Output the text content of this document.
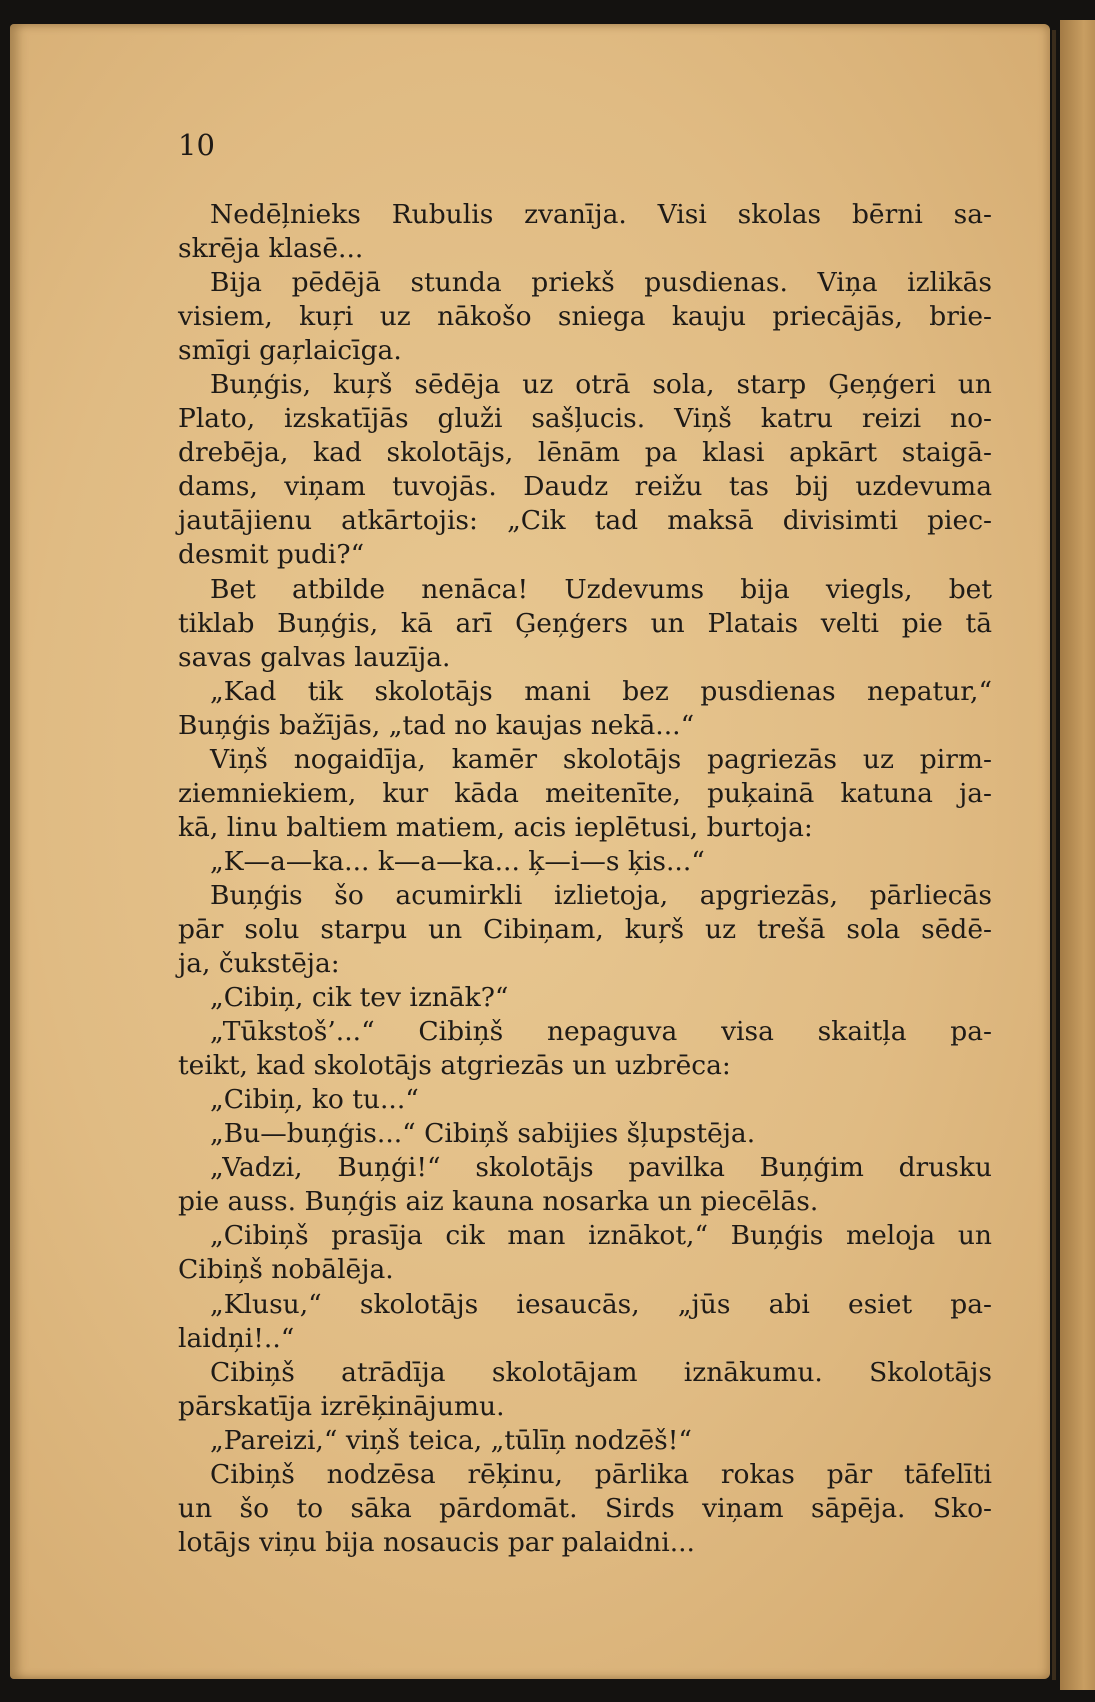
10
Nedēļnieks Rubulis zvanīja. Visi skolas bērni sa-
skrēja klasē...
Bija pēdējā stunda priekš pusdienas. Viņa izlikās
visiem, kuŗi uz nākošo sniega kauju priecājās, brie-
smīgi gaŗlaicīga.
Buņģis, kuŗš sēdēja uz otrā sola, starp Ģeņģeri un
Plato, izskatījās gluži sašļucis. Viņš katru reizi no-
drebēja, kad skolotājs, lēnām pa klasi apkārt staigā-
dams, viņam tuvojās. Daudz reižu tas bij uzdevuma
jautājienu atkārtojis: „Cik tad maksā divisimti piec-
desmit pudi?“
Bet atbilde nenāca! Uzdevums bija viegls, bet
tiklab Buņģis, kā arī Ģeņģers un Platais velti pie tā
savas galvas lauzīja.
„Kad tik skolotājs mani bez pusdienas nepatur,“
Buņģis bažījās, „tad no kaujas nekā...“
Viņš nogaidīja, kamēr skolotājs pagriezās uz pirm-
ziemniekiem, kur kāda meitenīte, puķainā katuna ja-
kā, linu baltiem matiem, acis ieplētusi, burtoja:
„K—a—ka... k—a—ka... ķ—i—s ķis...“
Buņģis šo acumirkli izlietoja, apgriezās, pārliecās
pār solu starpu un Cibiņam, kuŗš uz trešā sola sēdē-
ja, čukstēja:
„Cibiņ, cik tev iznāk?“
„Tūkstoš’...“ Cibiņš nepaguva visa skaitļa pa-
teikt, kad skolotājs atgriezās un uzbrēca:
„Cibiņ, ko tu...“
„Bu—buņģis...“ Cibiņš sabijies šļupstēja.
„Vadzi, Buņģi!“ skolotājs pavilka Buņģim drusku
pie auss. Buņģis aiz kauna nosarka un piecēlās.
„Cibiņš prasīja cik man iznākot,“ Buņģis meloja un
Cibiņš nobālēja.
„Klusu,“ skolotājs iesaucās, „jūs abi esiet pa-
laidņi!..“
Cibiņš atrādīja skolotājam iznākumu. Skolotājs
pārskatīja izrēķinājumu.
„Pareizi,“ viņš teica, „tūlīņ nodzēš!“
Cibiņš nodzēsa rēķinu, pārlika rokas pār tāfelīti
un šo to sāka pārdomāt. Sirds viņam sāpēja. Sko-
lotājs viņu bija nosaucis par palaidni...
